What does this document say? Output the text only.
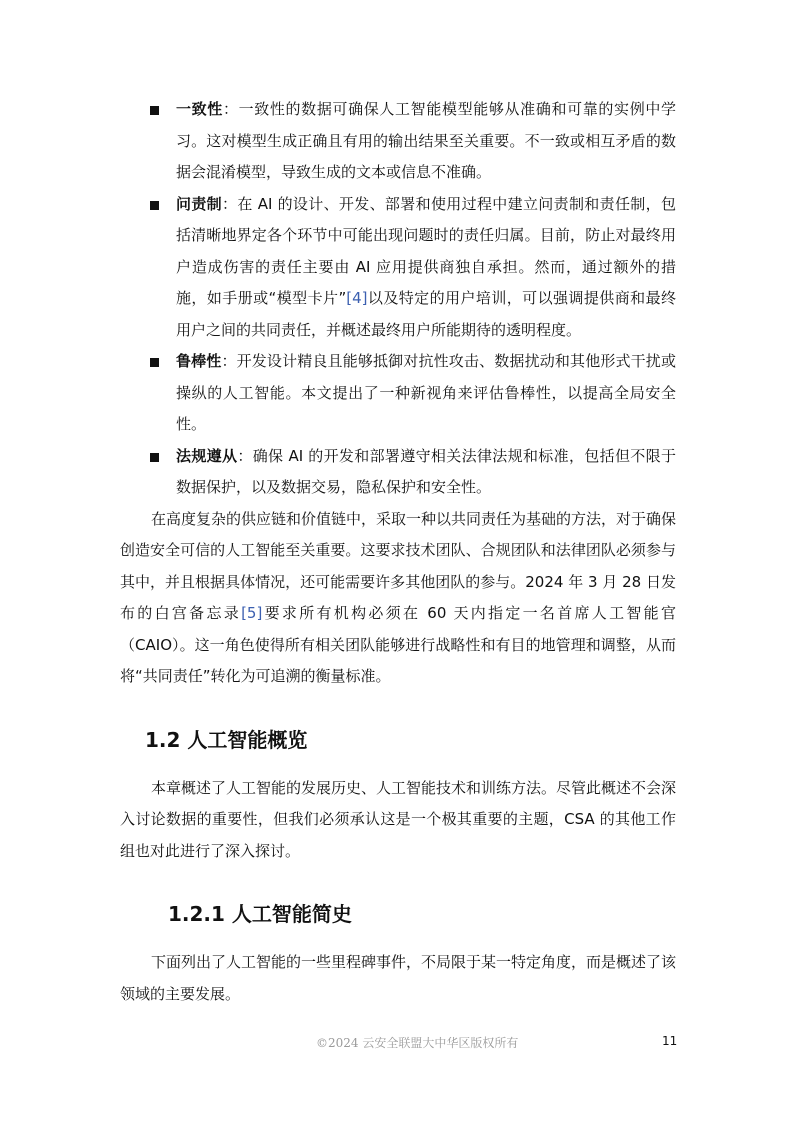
一致性：一致性的数据可确保人工智能模型能够从准确和可靠的实例中学习。这对模型生成正确且有用的输出结果至关重要。不一致或相互矛盾的数据会混淆模型，导致生成的文本或信息不准确。
问责制：在 AI 的设计、开发、部署和使用过程中建立问责制和责任制，包括清晰地界定各个环节中可能出现问题时的责任归属。目前，防止对最终用户造成伤害的责任主要由 AI 应用提供商独自承担。然而，通过额外的措施，如手册或“模型卡片”[4]以及特定的用户培训，可以强调提供商和最终用户之间的共同责任，并概述最终用户所能期待的透明程度。
鲁棒性：开发设计精良且能够抵御对抗性攻击、数据扰动和其他形式干扰或操纵的人工智能。本文提出了一种新视角来评估鲁棒性，以提高全局安全性。
法规遵从：确保 AI 的开发和部署遵守相关法律法规和标准，包括但不限于数据保护，以及数据交易，隐私保护和安全性。

在高度复杂的供应链和价值链中，采取一种以共同责任为基础的方法，对于确保创造安全可信的人工智能至关重要。这要求技术团队、合规团队和法律团队必须参与其中，并且根据具体情况，还可能需要许多其他团队的参与。2024 年 3 月 28 日发布的白宫备忘录[5]要求所有机构必须在 60 天内指定一名首席人工智能官（CAIO）。这一角色使得所有相关团队能够进行战略性和有目的地管理和调整，从而将“共同责任”转化为可追溯的衡量标准。

1.2 人工智能概览

本章概述了人工智能的发展历史、人工智能技术和训练方法。尽管此概述不会深入讨论数据的重要性，但我们必须承认这是一个极其重要的主题，CSA 的其他工作组也对此进行了深入探讨。

1.2.1 人工智能简史

下面列出了人工智能的一些里程碑事件，不局限于某一特定角度，而是概述了该领域的主要发展。

©2024 云安全联盟大中华区版权所有	11
